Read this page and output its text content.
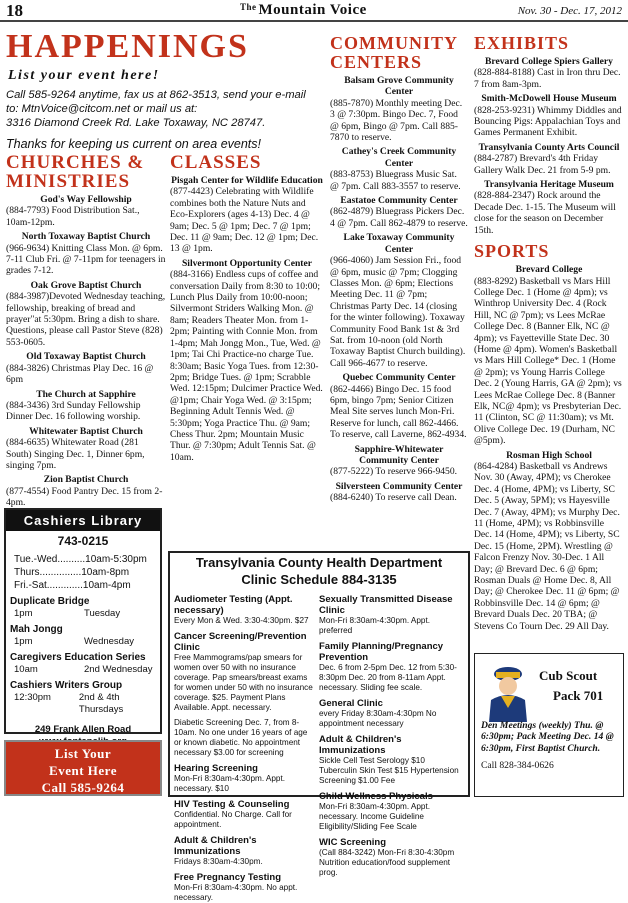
18	$^{The}$ Mountain Voice	Nov. 30 - Dec. 17, 2012
HAPPENINGS
List your event here!
Call 585-9264 anytime, fax us at 862-3513, send your e-mail
to: MtnVoice@citcom.net or mail us at:
3316 Diamond Creek Rd. Lake Toxaway, NC 28747.
Thanks for keeping us current on area events!
CHURCHES & MINISTRIES
God's Way Fellowship
(884-7793) Food Distribution Sat., 10am-12pm.
North Toxaway Baptist Church
(966-9634) Knitting Class Mon. @ 6pm. 7-11 Club Fri. @ 7-11pm for teenagers in grades 7-12.
Oak Grove Baptist Church
(884-3987)Devoted Wednesday teaching, fellowship, breaking of bread and prayer"at 5:30pm. Bring a dish to share. Questions, please call Pastor Steve (828) 553-0605.
Old Toxaway Baptist Church
(884-3826) Christmas Play Dec. 16 @ 6pm
The Church at Sapphire
(884-3436) 3rd Sunday Fellowship Dinner Dec. 16 following worship.
Whitewater Baptist Church
(884-6635) Whitewater Road (281 South) Singing Dec. 1, Dinner 6pm, singing 7pm.
Zion Baptist Church
(877-4554) Food Pantry Dec. 15 from 2-4pm.
CLASSES
Pisgah Center for Wildlife Education
(877-4423) Celebrating with Wildlife combines both the Nature Nuts and Eco-Explorers (ages 4-13) Dec. 4 @ 9am; Dec. 5 @ 1pm; Dec. 7 @ 1pm; Dec. 11 @ 9am; Dec. 12 @ 1pm; Dec. 13 @ 1pm.
Silvermont Opportunity Center
(884-3166) Endless cups of coffee and conversation Daily from 8:30 to 10:00; Lunch Plus Daily from 10:00-noon; Silvermont Striders Walking Mon. @ 8am; Readers Theater Mon. from 1-2pm; Painting with Connie Mon. from 1-4pm; Mah Jongg Mon., Tue, Wed. @ 1pm; Tai Chi Practice-no charge Tue. 8:30am; Basic Yoga Tues. from 12:30-2pm; Bridge Tues. @ 1pm; Scrabble Wed. 12:15pm; Dulcimer Practice Wed. @1pm; Chair Yoga Wed. @ 3:15pm; Beginning Adult Tennis Wed. @ 5:30pm; Yoga Practice Thu. @ 9am; Chess Thur. 2pm; Mountain Music Thur. @ 7:30pm; Adult Tennis Sat. @ 10am.
COMMUNITY CENTERS
Balsam Grove Community Center
(885-7870) Monthly meeting Dec. 3 @ 7:30pm. Bingo Dec. 7, Food @ 6pm, Bingo @ 7pm. Call 885-7870 to reserve.
Cathey's Creek Community Center
(883-8753) Bluegrass Music Sat. @ 7pm. Call 883-3557 to reserve.
Eastatoe Community Center
(862-4879) Bluegrass Pickers Dec. 4 @ 7pm. Call 862-4879 to reserve.
Lake Toxaway Community Center
(966-4060) Jam Session Fri., food @ 6pm, music @ 7pm; Clogging Classes Mon. @ 6pm; Elections Meeting Dec. 11 @ 7pm; Christmas Party Dec. 14 (closing for the winter following). Toxaway Community Food Bank 1st & 3rd Sat. from 10-noon (old North Toxaway Baptist Church building). Call 966-4677 to reserve.
Quebec Community Center
(862-4466) Bingo Dec. 15 food 6pm, bingo 7pm; Senior Citizen Meal Site serves lunch Mon-Fri. Reserve for lunch, call 862-4466. To reserve, call Laverne, 862-4934.
Sapphire-Whitewater Community Center
(877-5222) To reserve 966-9450.
Silversteen Community Center
(884-6240) To reserve call Dean.
EXHIBITS
Brevard College Spiers Gallery
(828-884-8188) Cast in Iron thru Dec. 7 from 8am-3pm.
Smith-McDowell House Museum
(828-253-9231) Whimmy Diddles and Bouncing Pigs: Appalachian Toys and Games Permanent Exhibit.
Transylvania County Arts Council
(884-2787) Brevard's 4th Friday Gallery Walk Dec. 21 from 5-9 pm.
Transylvania Heritage Museum
(828-884-2347) Rock around the Decade Dec. 1-15. The Museum will close for the season on December 15th.
SPORTS
Brevard College
(883-8292) Basketball vs Mars Hill College Dec. 1 (Home @ 4pm); vs Winthrop University Dec. 4 (Rock Hill, NC @ 7pm); vs Lees McRae College Dec. 8 (Banner Elk, NC @ 4pm); vs Fayetteville State Dec. 30 (Home @ 4pm). Women's Basketball vs Mars Hill College* Dec. 1 (Home @ 2pm); vs Young Harris College Dec. 2 (Young Harris, GA @ 2pm); vs Lees McRae College Dec. 8 (Banner Elk, NC@ 4pm); vs Presbyterian Dec. 11 (Clinton, SC @ 11:30am); vs Mt. Olive College Dec. 19 (Durham, NC @5pm).
Rosman High School
(864-4284) Basketball vs Andrews Nov. 30 (Away, 4PM); vs Cherokee Dec. 4 (Home, 4PM); vs Liberty, SC Dec. 5 (Away, 5PM); vs Hayesville Dec. 7 (Away, 4PM); vs Murphy Dec. 11 (Home, 4PM); vs Robbinsville Dec. 14 (Home, 4PM); vs Liberty, SC Dec. 15 (Home, 2PM). Wrestling @ Falcon Frenzy Nov. 30-Dec. 1 All Day; @ Brevard Dec. 6 @ 6pm; Rosman Duals @ Home Dec. 8, All Day; @ Cherokee Dec. 11 @ 6pm; @ Robbinsville Dec. 14 @ 6pm; @ Brevard Duals Dec. 20 TBA; @ Stevens Co Tourn Dec. 29 All Day.
Cashiers Library
743-0215
Tue.-Wed..........10am-5:30pm
Thurs...............10am-8pm
Fri.-Sat.............10am-4pm
Duplicate Bridge
1pm	Tuesday
Mah Jongg
1pm	Wednesday
Caregivers Education Series
10am	2nd Wednesday
Cashiers Writers Group
12:30pm	2nd & 4th Thursdays
249 Frank Allen Road
List Your
Event Here
Call 585-9264
Transylvania County Health Department
Clinic Schedule 884-3135
Audiometer Testing (Appt. necessary)
Every Mon & Wed. 3:30-4:30pm. $27
Cancer Screening/Prevention Clinic
Free Mammograms/pap smears for women over 50 with no insurance coverage. Pap smears/breast exams for women under 50 with no insurance coverage. $25. Payment Plans Available. Appt. necessary.
Diabetic Screening Dec. 7, from 8-10am. No one under 16 years of age or known diabetic. No appointment necessary $3.00 for screening
Hearing Screening
Mon-Fri 8:30am-4:30pm. Appt. necessary. $10
HIV Testing & Counseling
Confidential. No Charge. Call for appointment.
Adult & Children's Immunizations
Fridays 8:30am-4:30pm.
Free Pregnancy Testing
Mon-Fri 8:30am-4:30pm. No appt. necessary.
Sexually Transmitted Disease Clinic
Mon-Fri 8:30am-4:30pm. Appt. preferred
Family Planning/Pregnancy Prevention
Dec. 6 from 2-5pm Dec. 12 from 5:30-8:30pm Dec. 20 from 8-11am Appt. necessary. Sliding fee scale.
General Clinic
every Friday 8:30am-4:30pm No appointment necessary
Adult & Children's Immunizations
Sickle Cell Test Serology $10 Tuberculin Skin Test $15 Hypertension Screening $1.00 Fee
Child Wellness Physicals
Mon-Fri 8:30am-4:30pm. Appt. necessary. Income Guideline Eligibility/Sliding Fee Scale
WIC Screening
(Call 884-3242) Mon-Fri 8:30-4:30pm Nutrition education/food supplement prog.
Cub Scout
Pack 701
Den Meetings (weekly) Thu. @ 6:30pm; Pack Meeting Dec. 14 @ 6:30pm, First Baptist Church.
Call 828-384-0626
